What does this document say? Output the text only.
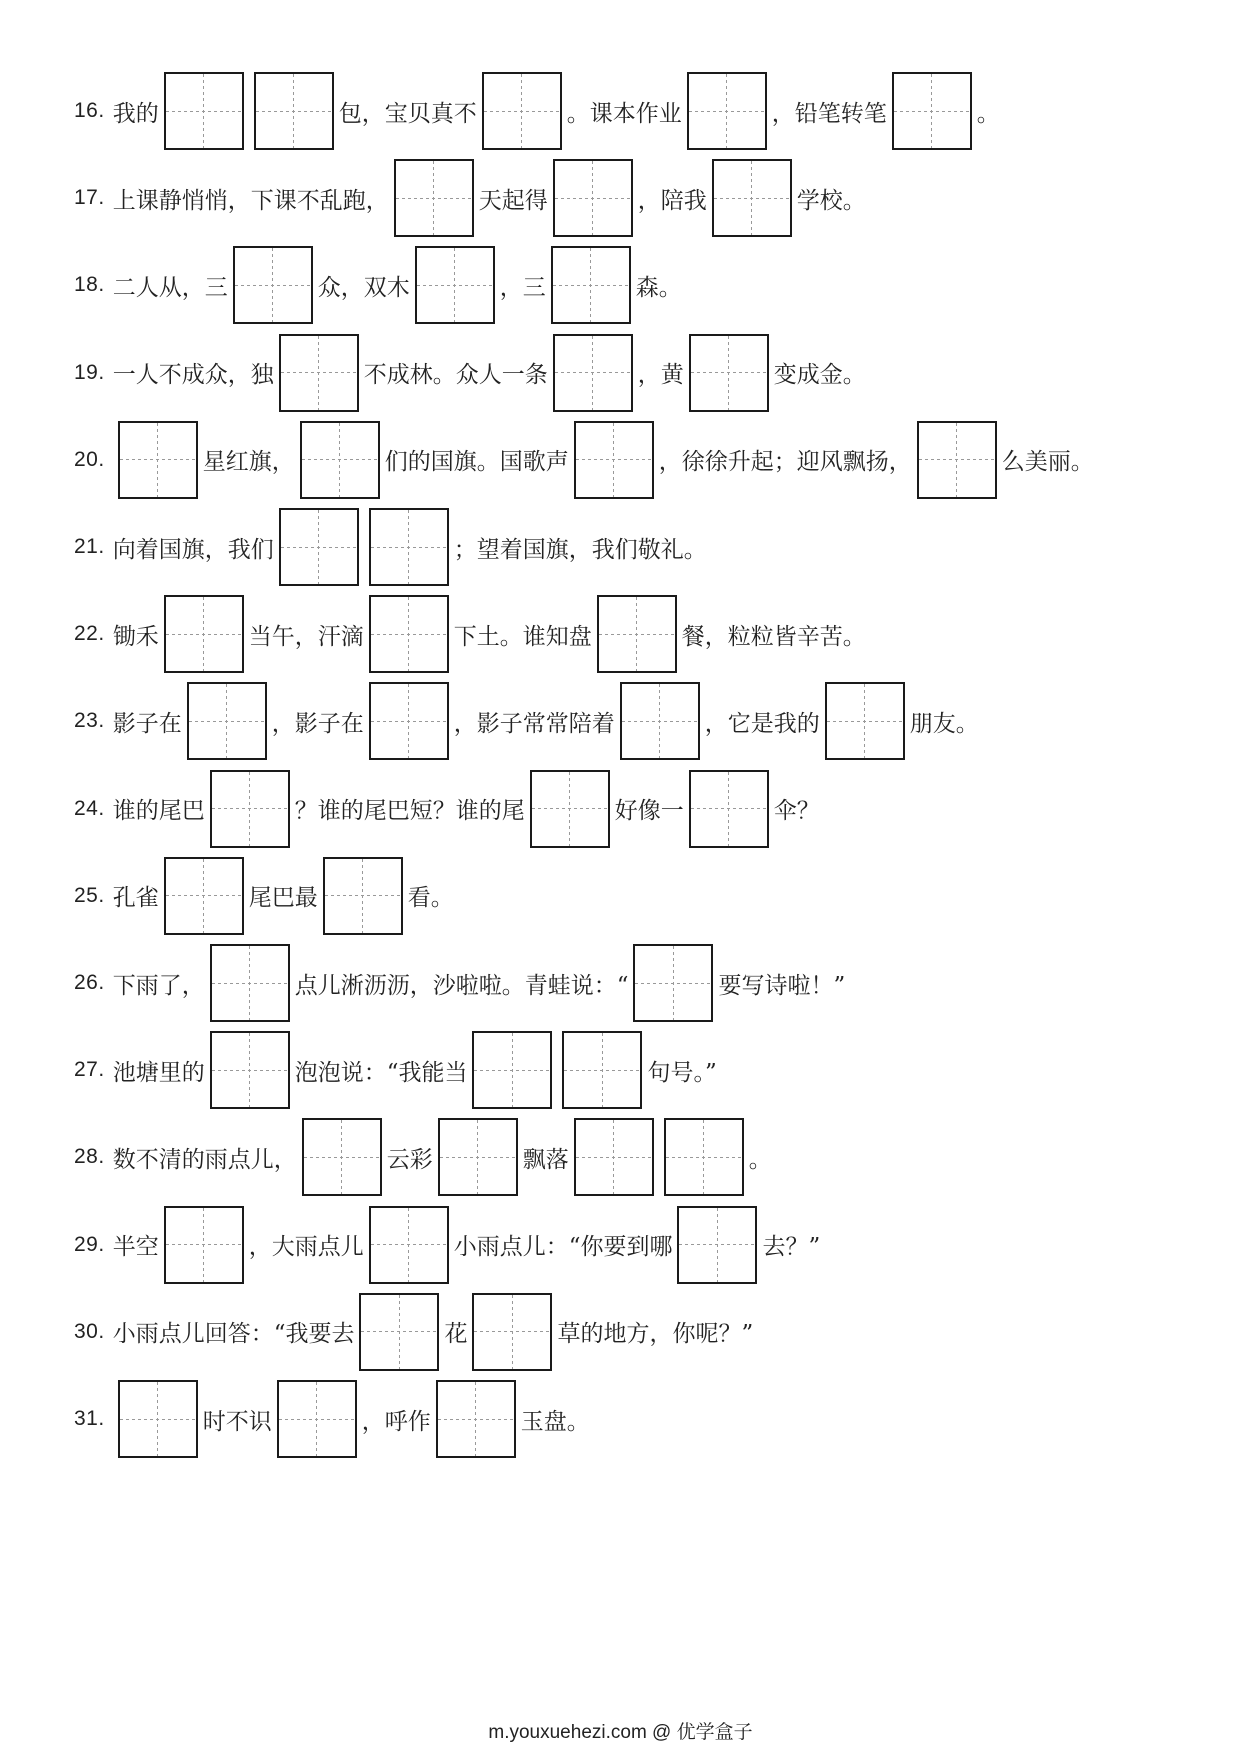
16. 我的	包，宝贝真不	。课本作业	，铅笔转笔	。
17. 上课静悄悄，下课不乱跑，	天起得	，陪我	学校。
18. 二人从，三	众，双木	，三	森。
19. 一人不成众，独	不成林。众人一条	，黄	变成金。
20.	星红旗，	们的国旗。国歌声	，徐徐升起；迎风飘扬，	么美丽。
21. 向着国旗，我们	；望着国旗，我们敬礼。
22. 锄禾	当午，汗滴	下土。谁知盘	餐，粒粒皆辛苦。
23. 影子在	，影子在	，影子常常陪着	，它是我的	朋友。
24. 谁的尾巴	？谁的尾巴短？谁的尾	好像一	伞？
25. 孔雀	尾巴最	看。
26. 下雨了，	点儿淅沥沥，沙啦啦。青蛙说：“	要写诗啦！”
27. 池塘里的	泡泡说：“我能当	句号。”
28. 数不清的雨点儿，	云彩	飘落	。
29. 半空	，大雨点儿	小雨点儿：“你要到哪	去？”
30. 小雨点儿回答：“我要去	花	草的地方，你呢？”
31.	时不识	，呼作	玉盘。
m.youxuehezi.com @ 优学盒子
